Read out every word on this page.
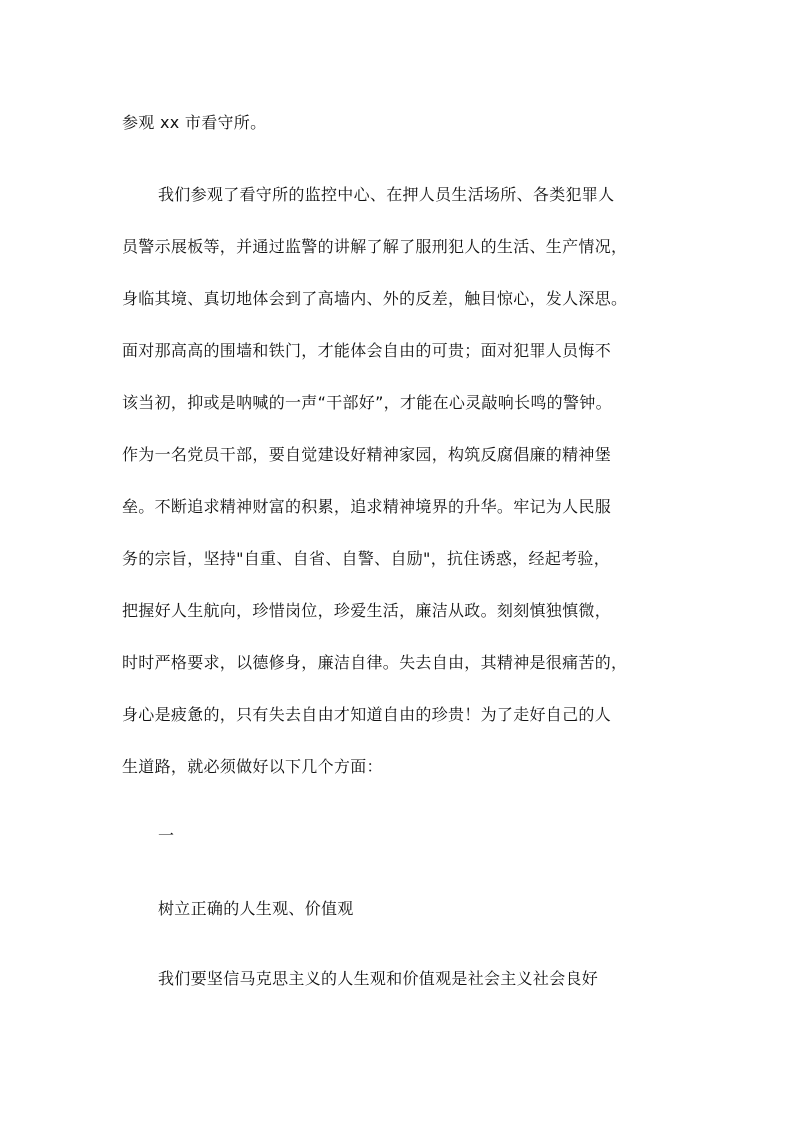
参观 xx 市看守所。
我们参观了看守所的监控中心、在押人员生活场所、各类犯罪人
员警示展板等，并通过监警的讲解了解了服刑犯人的生活、生产情况，
身临其境、真切地体会到了高墙内、外的反差，触目惊心，发人深思。
面对那高高的围墙和铁门，才能体会自由的可贵；面对犯罪人员悔不
该当初，抑或是呐喊的一声“干部好”，才能在心灵敲响长鸣的警钟。
作为一名党员干部，要自觉建设好精神家园，构筑反腐倡廉的精神堡
垒。不断追求精神财富的积累，追求精神境界的升华。牢记为人民服
务的宗旨，坚持"自重、自省、自警、自励"，抗住诱惑，经起考验，
把握好人生航向，珍惜岗位，珍爱生活，廉洁从政。刻刻慎独慎微，
时时严格要求，以德修身，廉洁自律。失去自由，其精神是很痛苦的，
身心是疲惫的，只有失去自由才知道自由的珍贵！为了走好自己的人
生道路，就必须做好以下几个方面：
一
树立正确的人生观、价值观
我们要坚信马克思主义的人生观和价值观是社会主义社会良好
